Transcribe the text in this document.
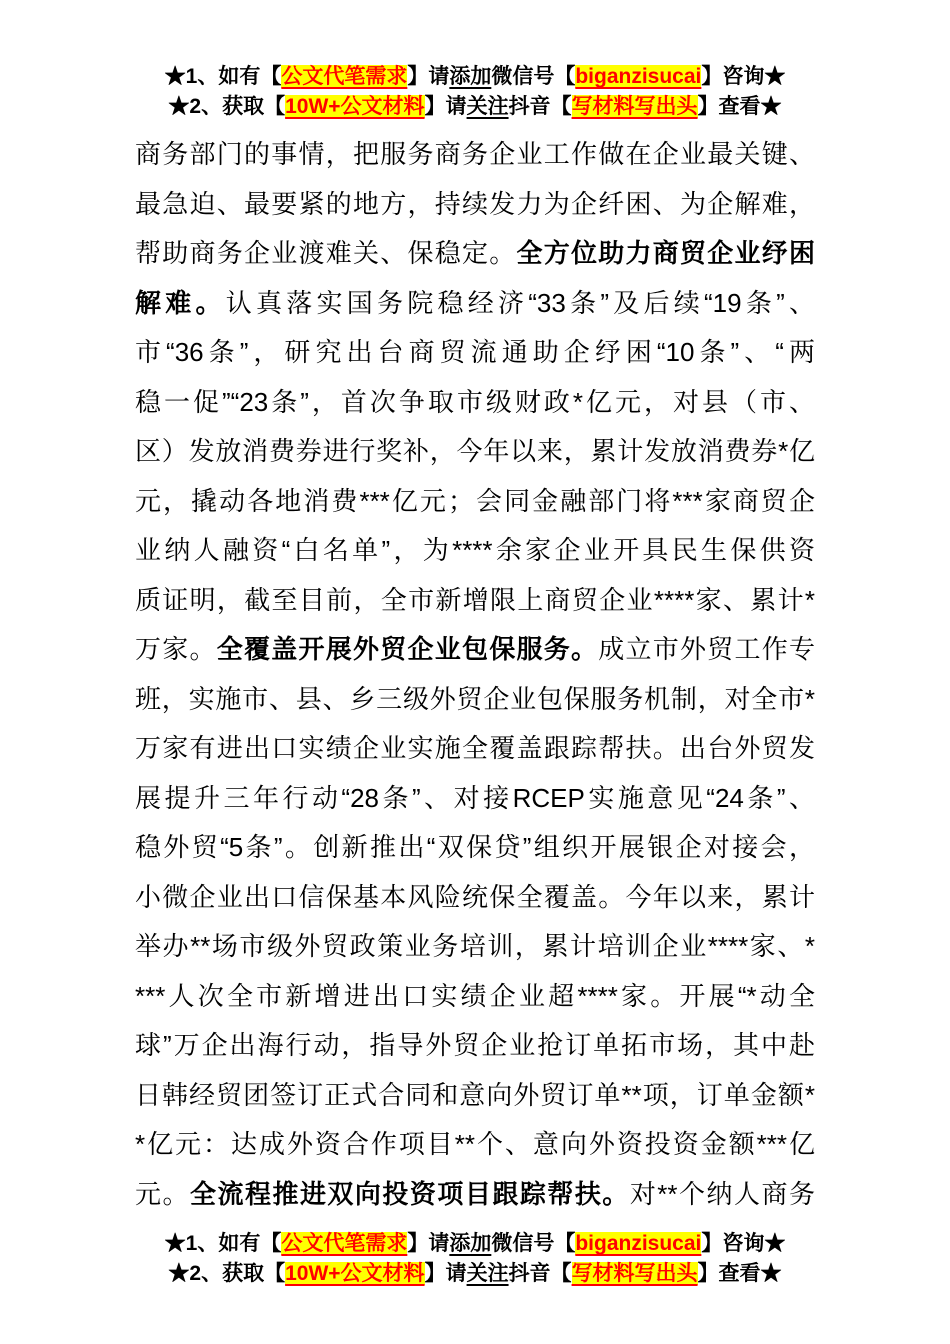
★1、如有【公文代笔需求】请添加微信号【biganzisucai】咨询★
★2、获取【10W+公文材料】请关注抖音【写材料写出头】查看★
商务部门的事情，把服务商务企业工作做在企业最关键、
最急迫、最要紧的地方，持续发力为企纤困、为企解难，
帮助商务企业渡难关、保稳定。全方位助力商贸企业纾困
解难。认真落实国务院稳经济“33条”及后续“19条”、
市“36条”，研究出台商贸流通助企纾困“10条”、“两
稳一促”“23条”，首次争取市级财政*亿元，对县（市、
区）发放消费券进行奖补，今年以来，累计发放消费券*亿
元，撬动各地消费***亿元；会同金融部门将***家商贸企
业纳人融资“白名单”，为****余家企业开具民生保供资
质证明，截至目前，全市新增限上商贸企业****家、累计*
万家。全覆盖开展外贸企业包保服务。成立市外贸工作专
班，实施市、县、乡三级外贸企业包保服务机制，对全市*
万家有进出口实绩企业实施全覆盖跟踪帮扶。出台外贸发
展提升三年行动“28条”、对接RCEP实施意见“24条”、
稳外贸“5条”。创新推出“双保贷”组织开展银企对接会，
小微企业出口信保基本风险统保全覆盖。今年以来，累计
举办**场市级外贸政策业务培训，累计培训企业****家、*
***人次全市新增进出口实绩企业超****家。开展“*动全
球”万企出海行动，指导外贸企业抢订单拓市场，其中赴
日韩经贸团签订正式合同和意向外贸订单**项，订单金额*
*亿元：达成外资合作项目**个、意向外资投资金额***亿
元。全流程推进双向投资项目跟踪帮扶。对**个纳人商务
★1、如有【公文代笔需求】请添加微信号【biganzisucai】咨询★
★2、获取【10W+公文材料】请关注抖音【写材料写出头】查看★
